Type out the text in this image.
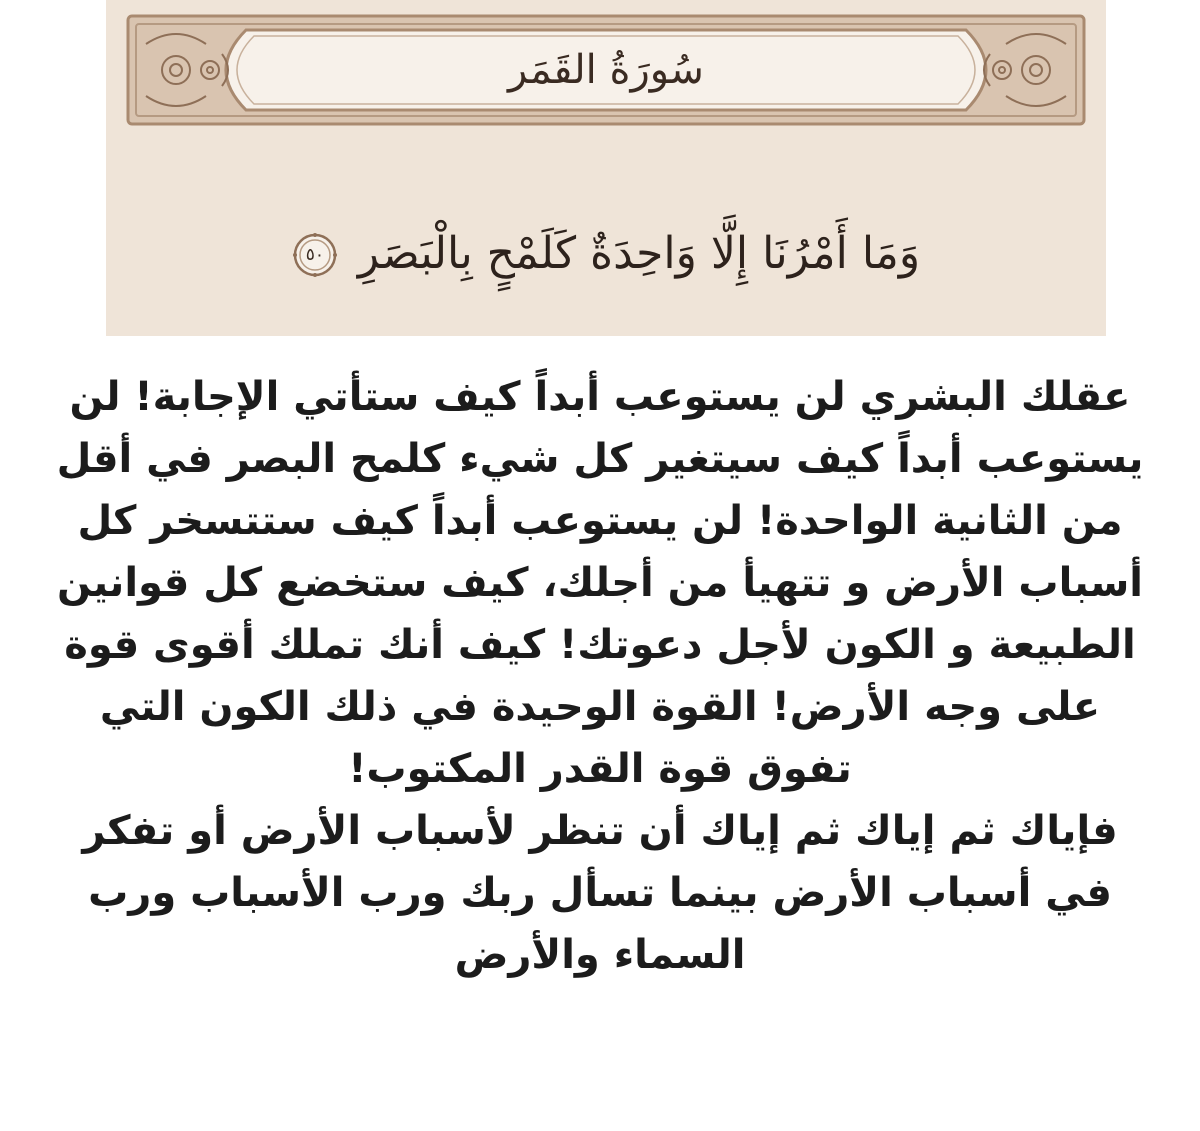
سُورَةُ القَمَر
وَمَا أَمْرُنَا إِلَّا وَاحِدَةٌ كَلَمْحٍ بِالْبَصَرِ
٥٠

عقلك البشري لن يستوعب أبداً كيف ستأتي الإجابة! لن يستوعب أبداً كيف سيتغير كل شيء كلمح البصر في أقل من الثانية الواحدة! لن يستوعب أبداً كيف ستتسخر كل أسباب الأرض و تتهيأ من أجلك، كيف ستخضع كل قوانين الطبيعة و الكون لأجل دعوتك! كيف أنك تملك أقوى قوة على وجه الأرض! القوة الوحيدة في ذلك الكون التي تفوق قوة القدر المكتوب!

فإياك ثم إياك ثم إياك أن تنظر لأسباب الأرض أو تفكر في أسباب الأرض بينما تسأل ربك ورب الأسباب ورب السماء والأرض
